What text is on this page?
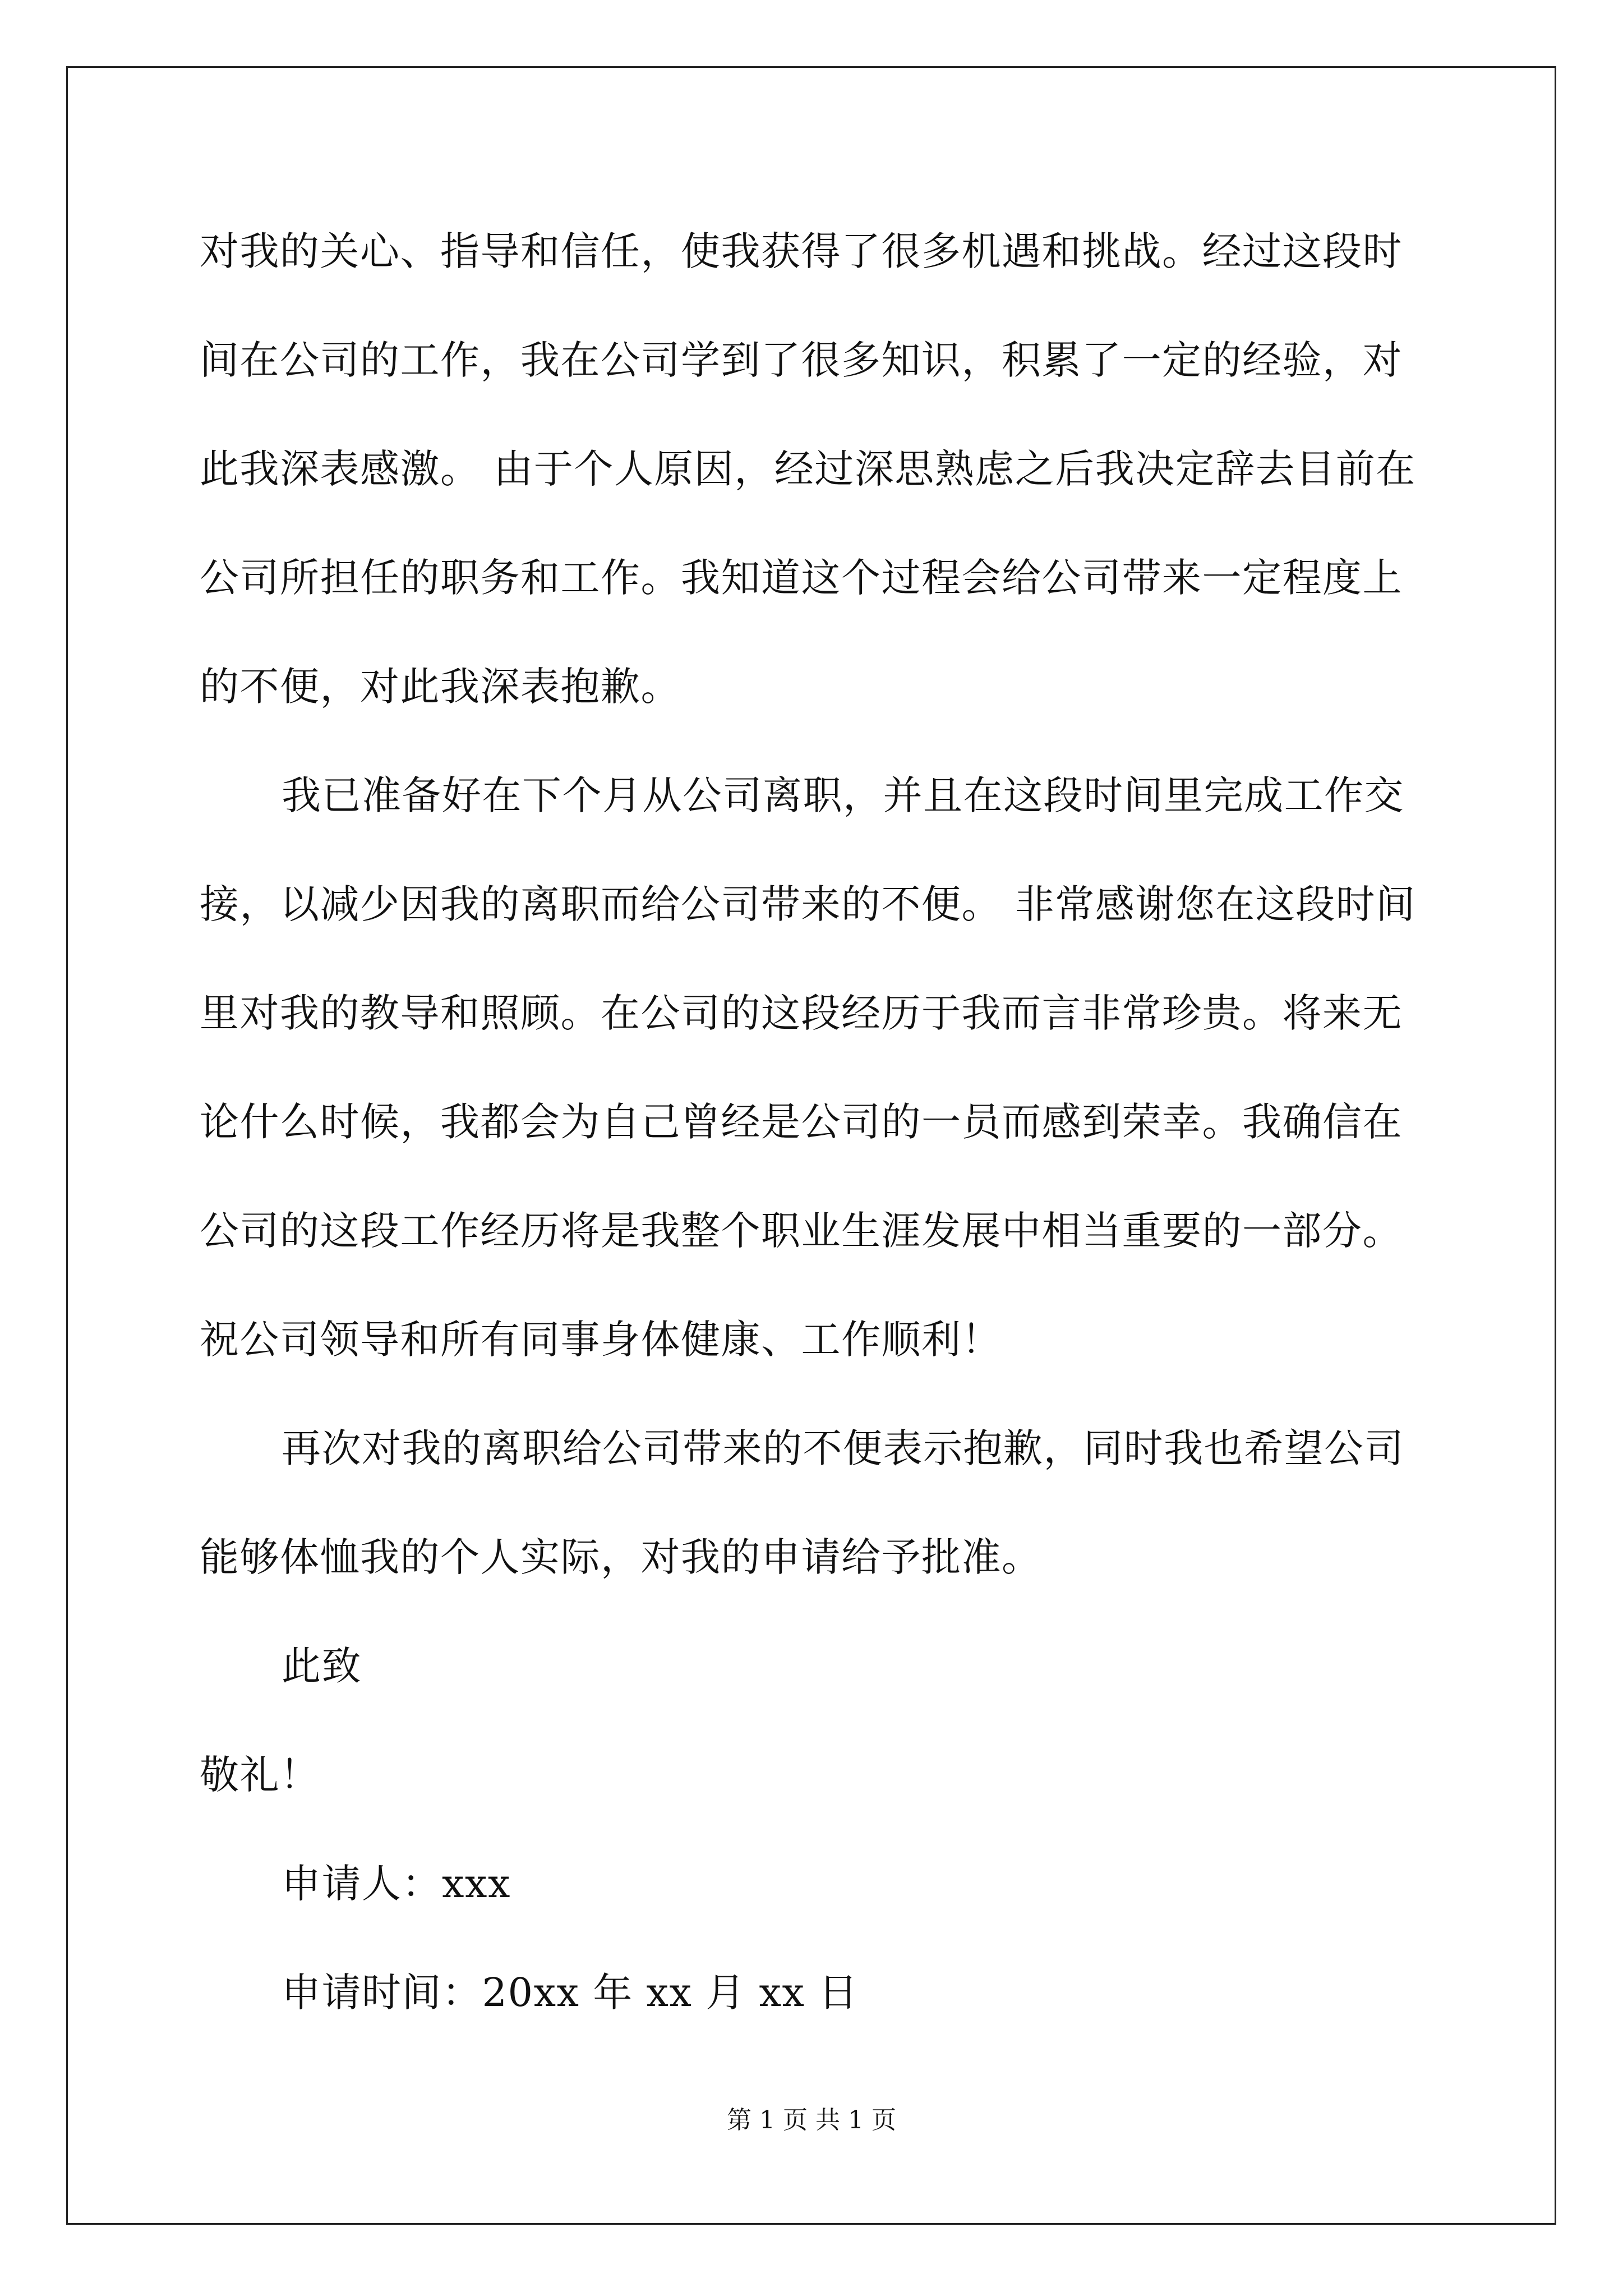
对我的关心、指导和信任，使我获得了很多机遇和挑战。经过这段时
间在公司的工作，我在公司学到了很多知识，积累了一定的经验，对
此我深表感激。 由于个人原因，经过深思熟虑之后我决定辞去目前在
公司所担任的职务和工作。我知道这个过程会给公司带来一定程度上
的不便，对此我深表抱歉。
我已准备好在下个月从公司离职，并且在这段时间里完成工作交
接，以减少因我的离职而给公司带来的不便。 非常感谢您在这段时间
里对我的教导和照顾。在公司的这段经历于我而言非常珍贵。将来无
论什么时候，我都会为自己曾经是公司的一员而感到荣幸。我确信在
公司的这段工作经历将是我整个职业生涯发展中相当重要的一部分。
祝公司领导和所有同事身体健康、工作顺利！
再次对我的离职给公司带来的不便表示抱歉，同时我也希望公司
能够体恤我的个人实际，对我的申请给予批准。
此致
敬礼！
申请人：xxx
申请时间：20xx 年 xx 月 xx 日
第 1 页 共 1 页
